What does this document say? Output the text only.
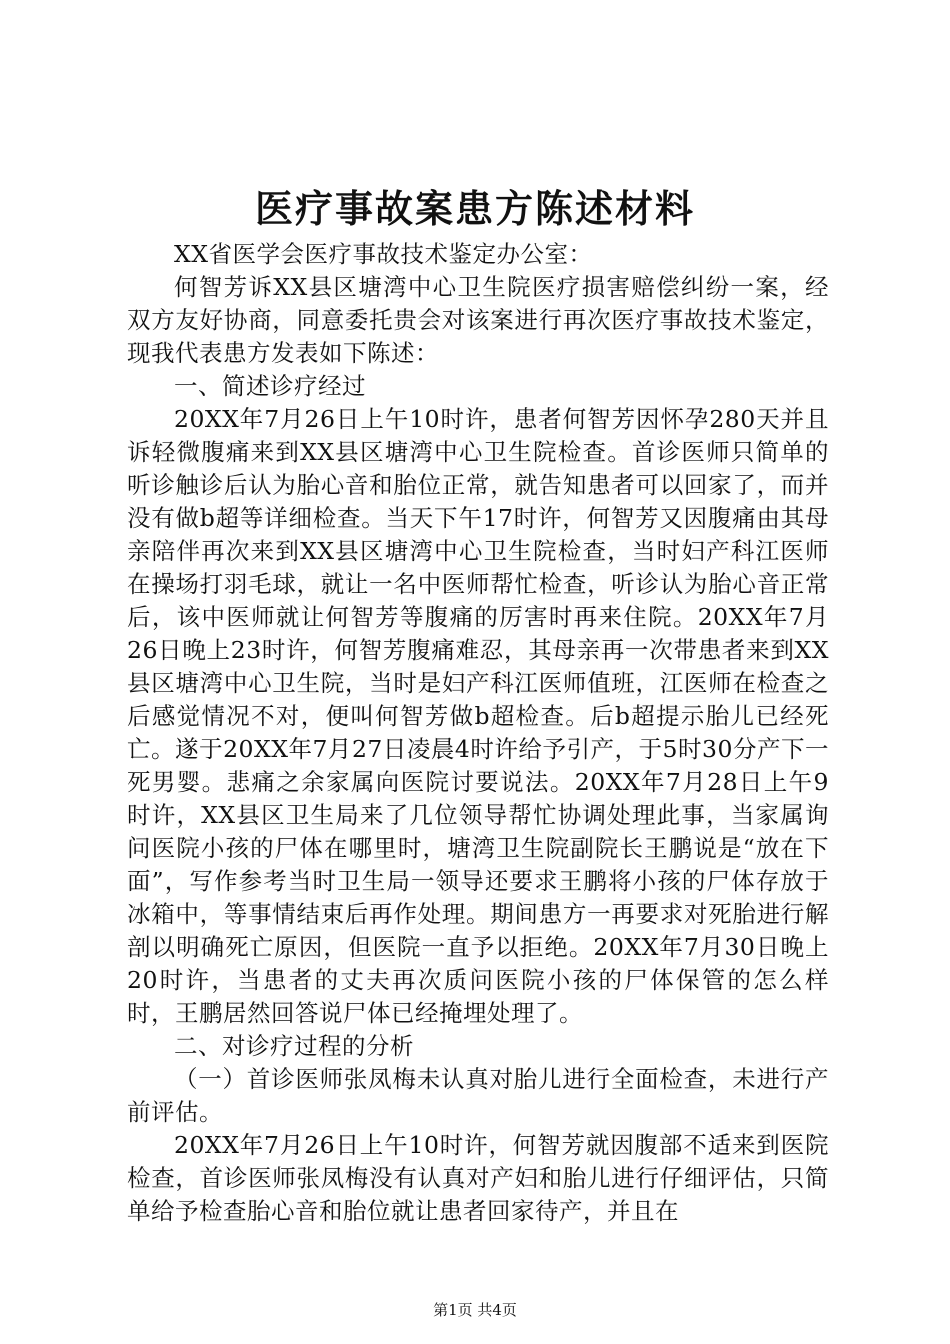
医疗事故案患方陈述材料

XX省医学会医疗事故技术鉴定办公室：

何智芳诉XX县区塘湾中心卫生院医疗损害赔偿纠纷一案，经双方友好协商，同意委托贵会对该案进行再次医疗事故技术鉴定，现我代表患方发表如下陈述：

一、简述诊疗经过

20XX年7月26日上午10时许，患者何智芳因怀孕280天并且诉轻微腹痛来到XX县区塘湾中心卫生院检查。首诊医师只简单的听诊触诊后认为胎心音和胎位正常，就告知患者可以回家了，而并没有做b超等详细检查。当天下午17时许，何智芳又因腹痛由其母亲陪伴再次来到XX县区塘湾中心卫生院检查，当时妇产科江医师在操场打羽毛球，就让一名中医师帮忙检查，听诊认为胎心音正常后，该中医师就让何智芳等腹痛的厉害时再来住院。20XX年7月26日晚上23时许，何智芳腹痛难忍，其母亲再一次带患者来到XX县区塘湾中心卫生院，当时是妇产科江医师值班，江医师在检查之后感觉情况不对，便叫何智芳做b超检查。后b超提示胎儿已经死亡。遂于20XX年7月27日凌晨4时许给予引产，于5时30分产下一死男婴。悲痛之余家属向医院讨要说法。20XX年7月28日上午9时许，XX县区卫生局来了几位领导帮忙协调处理此事，当家属询问医院小孩的尸体在哪里时，塘湾卫生院副院长王鹏说是“放在下面”，写作参考当时卫生局一领导还要求王鹏将小孩的尸体存放于冰箱中，等事情结束后再作处理。期间患方一再要求对死胎进行解剖以明确死亡原因，但医院一直予以拒绝。20XX年7月30日晚上20时许，当患者的丈夫再次质问医院小孩的尸体保管的怎么样时，王鹏居然回答说尸体已经掩埋处理了。

二、对诊疗过程的分析

（一）首诊医师张凤梅未认真对胎儿进行全面检查，未进行产前评估。

20XX年7月26日上午10时许，何智芳就因腹部不适来到医院检查，首诊医师张凤梅没有认真对产妇和胎儿进行仔细评估，只简单给予检查胎心音和胎位就让患者回家待产，并且在

第1页 共4页
